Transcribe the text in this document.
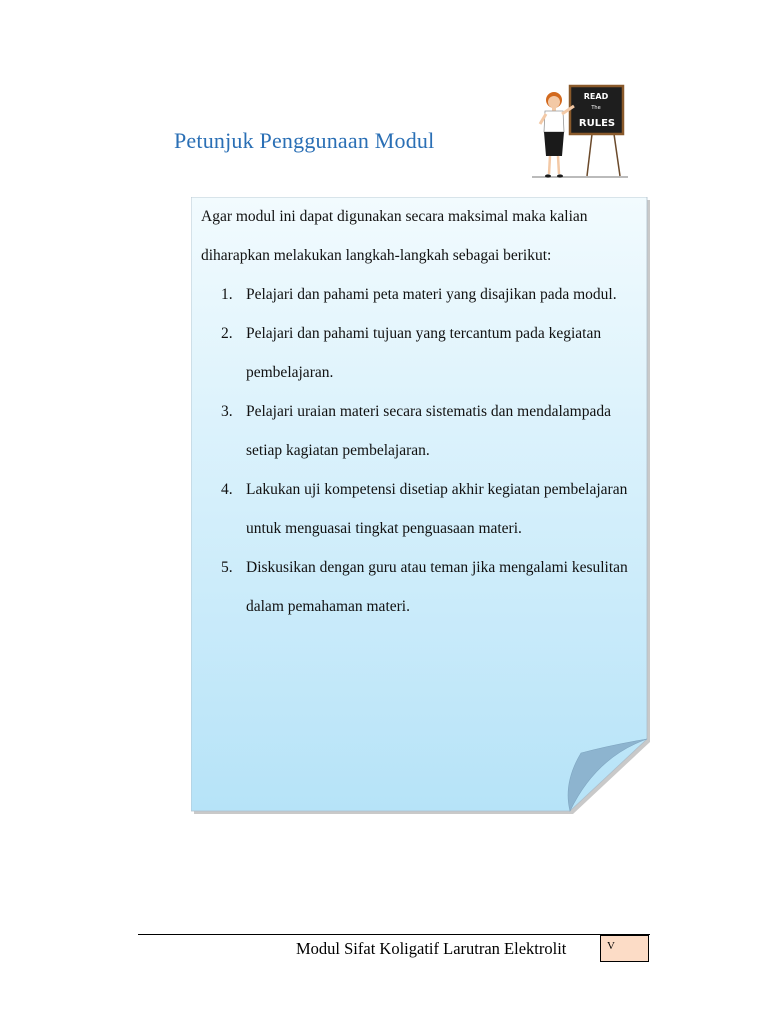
Petunjuk Penggunaan Modul
READ
The
RULES

Agar modul ini dapat digunakan secara maksimal maka kalian diharapkan melakukan langkah-langkah sebagai berikut:

1. Pelajari dan pahami peta materi yang disajikan pada modul.
2. Pelajari dan pahami tujuan yang tercantum pada kegiatan pembelajaran.
3. Pelajari uraian materi secara sistematis dan mendalampada setiap kagiatan pembelajaran.
4. Lakukan uji kompetensi disetiap akhir kegiatan pembelajaran untuk menguasai tingkat penguasaan materi.
5. Diskusikan dengan guru atau teman jika mengalami kesulitan dalam pemahaman materi.
Modul Sifat Koligatif Larutran Elektrolit	V
